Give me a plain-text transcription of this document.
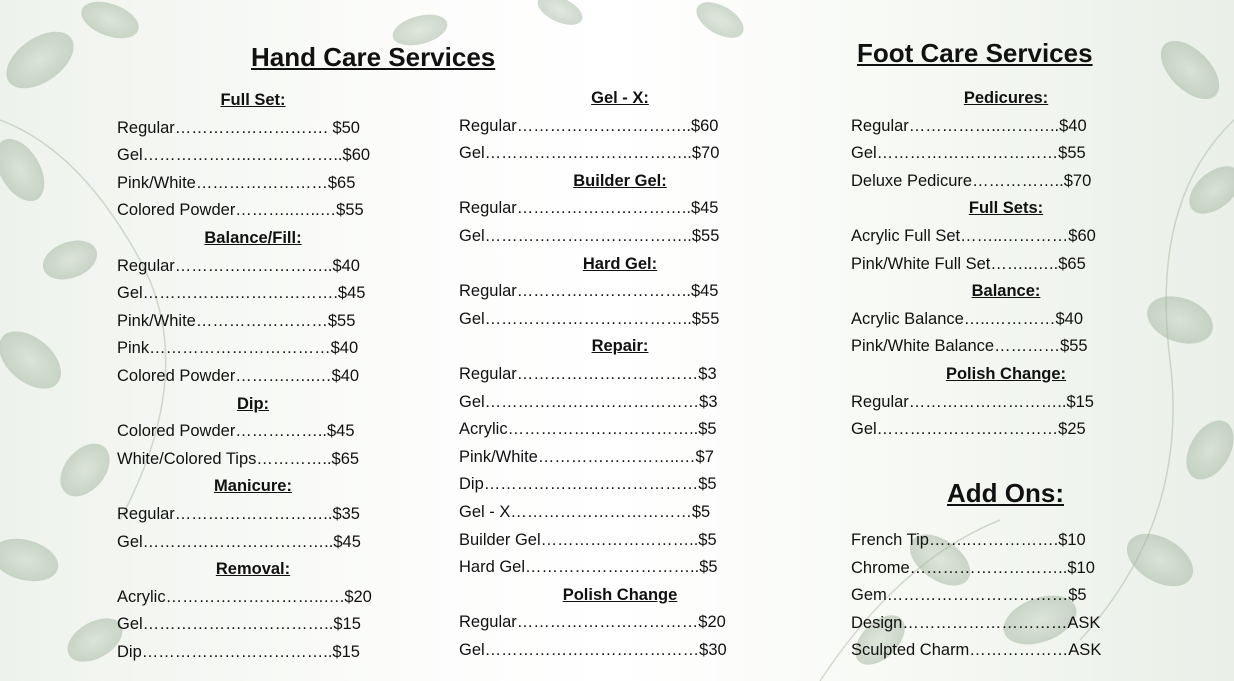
Hand Care Services	Foot Care Services
Add Ons:
Full Set:
Regular………………………. $50
Gel………………..……………..$60
Pink/White……………………$65
Colored Powder………..…..…$55
Balance/Fill:
Regular………………………..$40
Gel……………..……………….$45
Pink/White……………………$55
Pink……………………………$40
Colored Powder……….…..…$40
Dip:
Colored Powder……………..$45
White/Colored Tips…………..$65
Manicure:
Regular………………………..$35
Gel……………………………..$45
Removal:
Acrylic………………………..….$20
Gel……………………………..$15
Dip……………………………..$15
Gel - X:
Regular…………………………..$60
Gel………………………………..$70
Builder Gel:
Regular…………………………..$45
Gel………………………………..$55
Hard Gel:
Regular…………………………..$45
Gel………………………………..$55
Repair:
Regular……………………………$3
Gel…………………………………$3
Acrylic……………………………..$5
Pink/White……………………..…$7
Dip…………………………………$5
Gel - X……………………………$5
Builder Gel………………………..$5
Hard Gel…………………………..$5
Polish Change
Regular……………………………$20
Gel…………………………………$30
Pedicures:
Regular……………..………..$40
Gel……………………………$55
Deluxe Pedicure……………..$70
Full Sets:
Acrylic Full Set……..…………$60
Pink/White Full Set……..…..$65
Balance:
Acrylic Balance…..…………$40
Pink/White Balance…………$55
Polish Change:
Regular………………………..$15
Gel……………………………$25
French Tip……..…………….$10
Chrome………………………..$10
Gem……………………………$5
Design…………………………ASK
Sculpted Charm………………ASK
